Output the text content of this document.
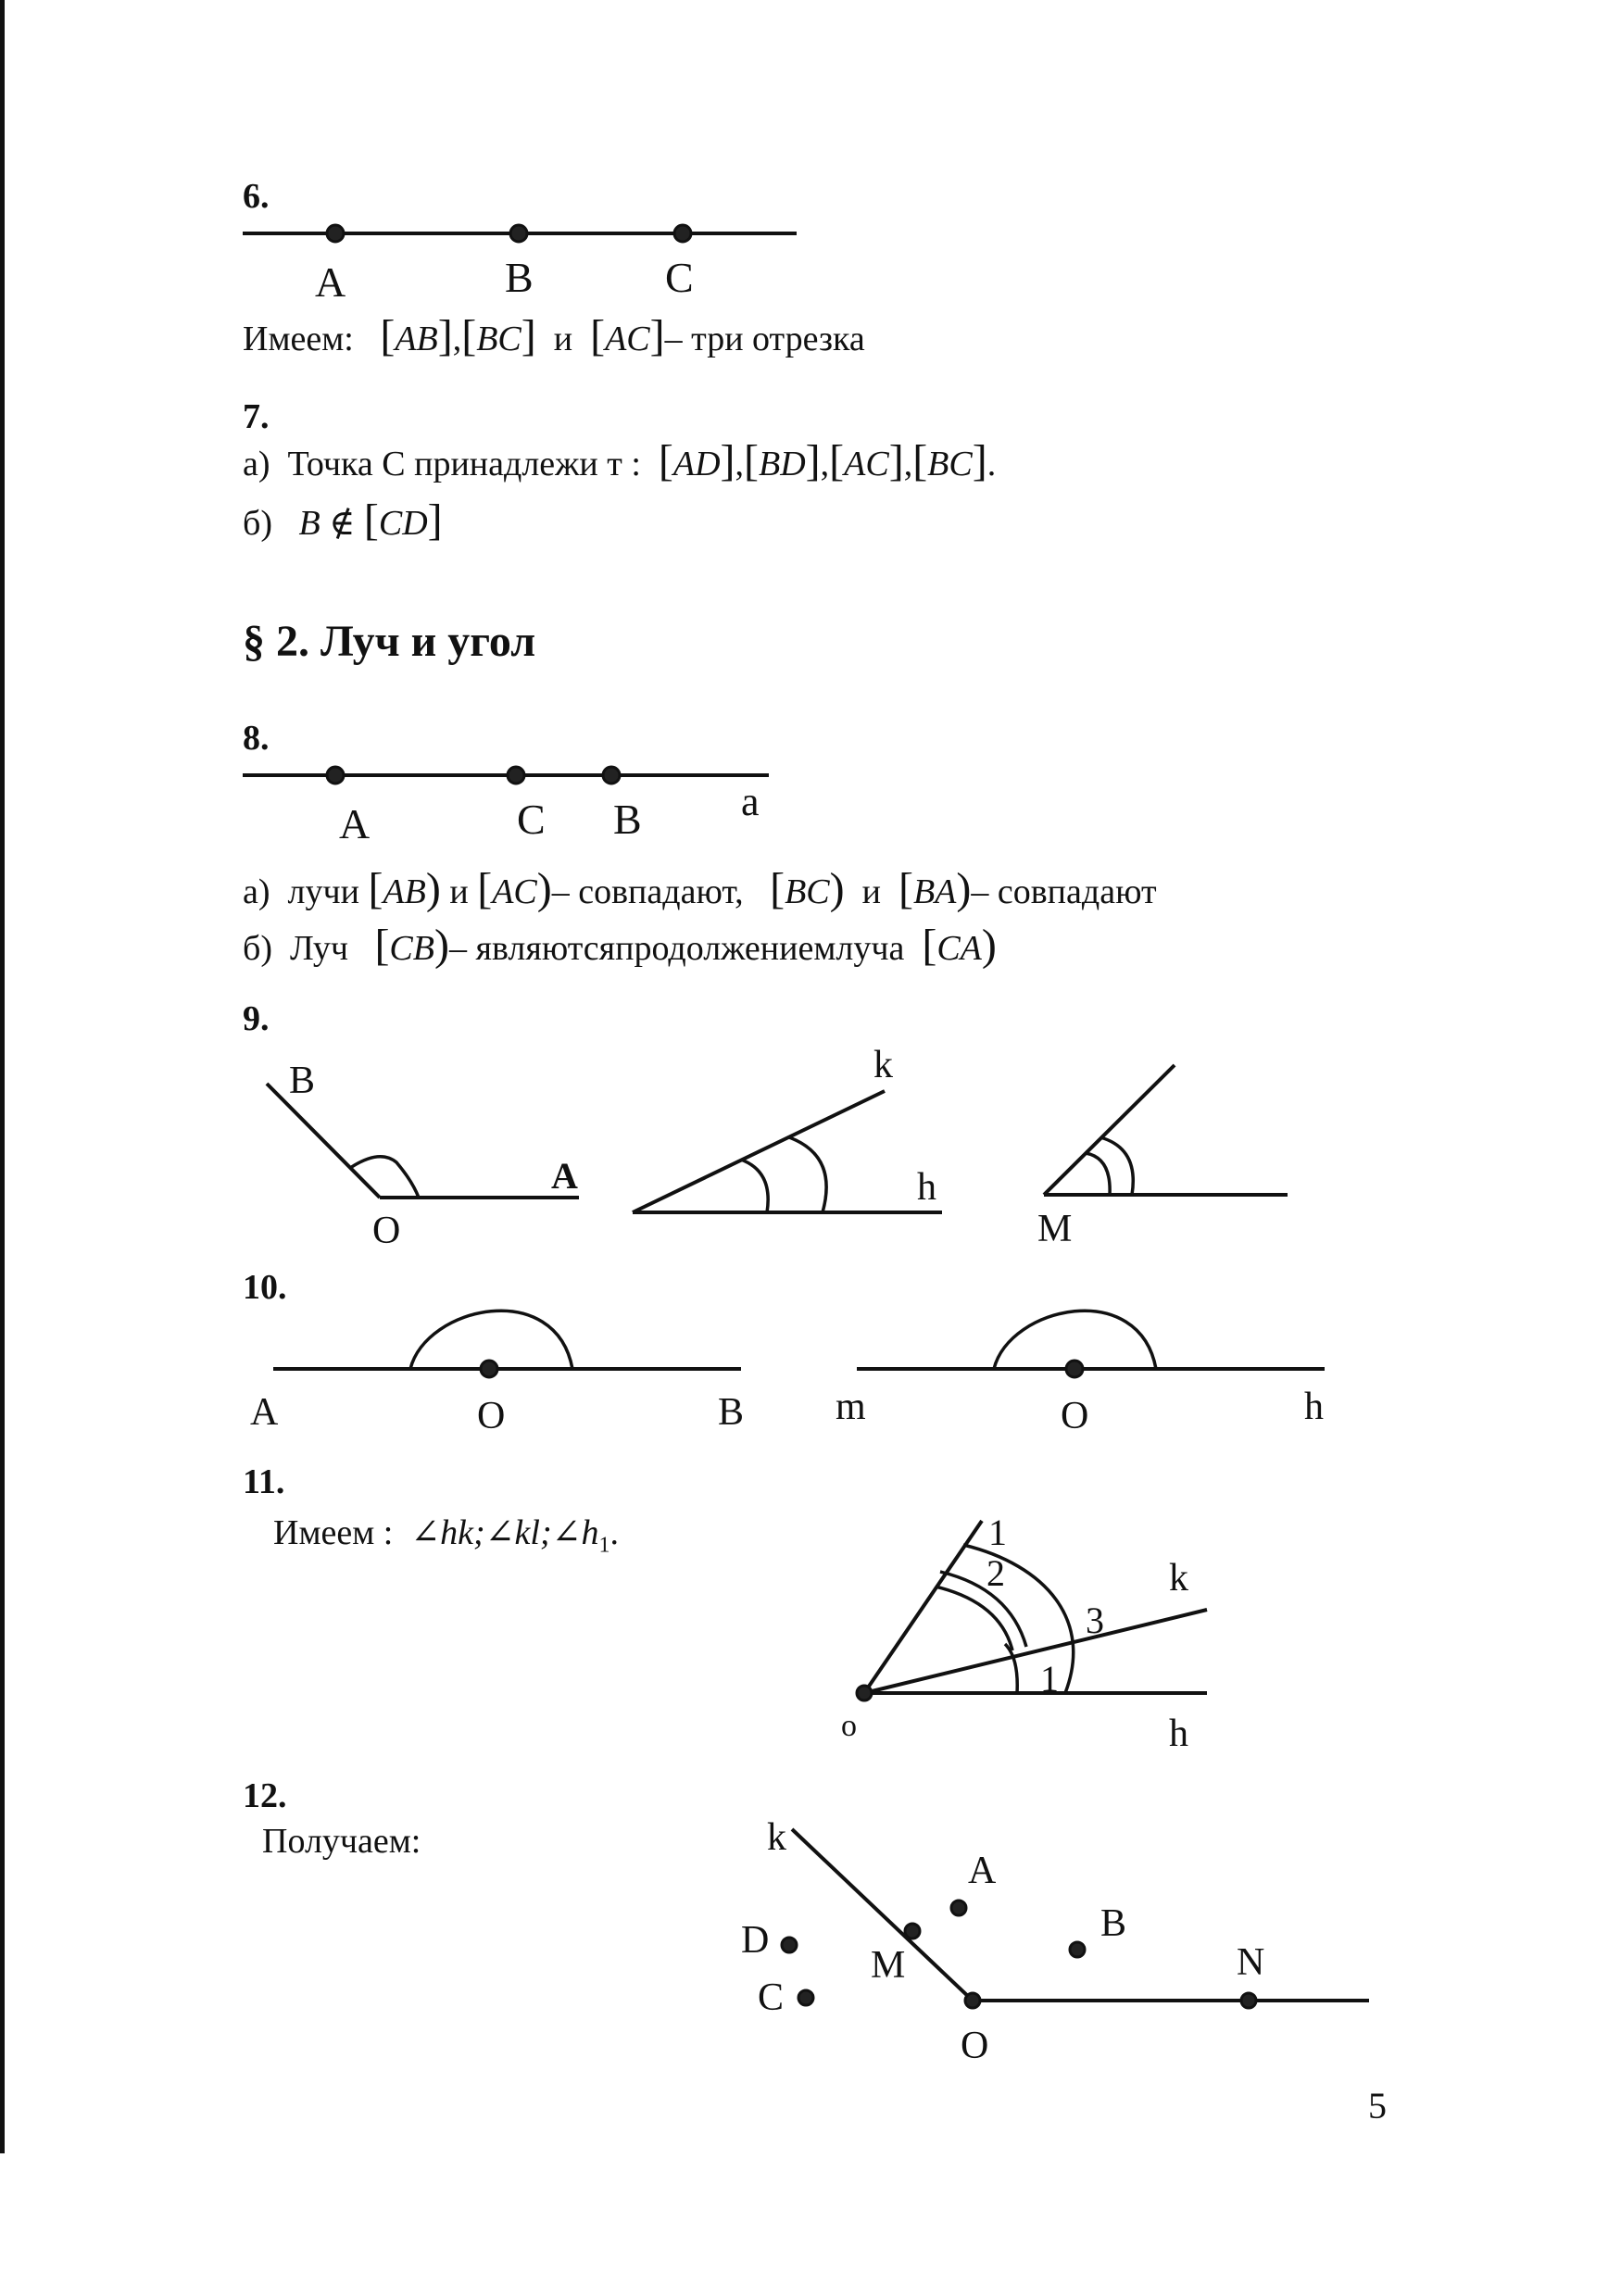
6.
A	B	C
Имеем: [AB],[BC] и [AC]– три отрезка
7.
а) Точка С принадлежи т : [AD],[BD],[AC],[BC].
б) B ∉ [CD]
§ 2. Луч и угол
8.
A	C B a
а) лучи [AB) и [AC)– совпадают, [BC) и [BA)– совпадают
б) Луч [CB)– являютсяпродолжениемлуча [CA)
9.
B
A
O
k
h
M
10.
A	O	B m	O	h
11.
Имеем : $\angle hk;\angle kl;\angle h_1$.
o
k
h
1
2
3
1
12.
Получаем:	k
A
B
D
M
C
N
O
5
